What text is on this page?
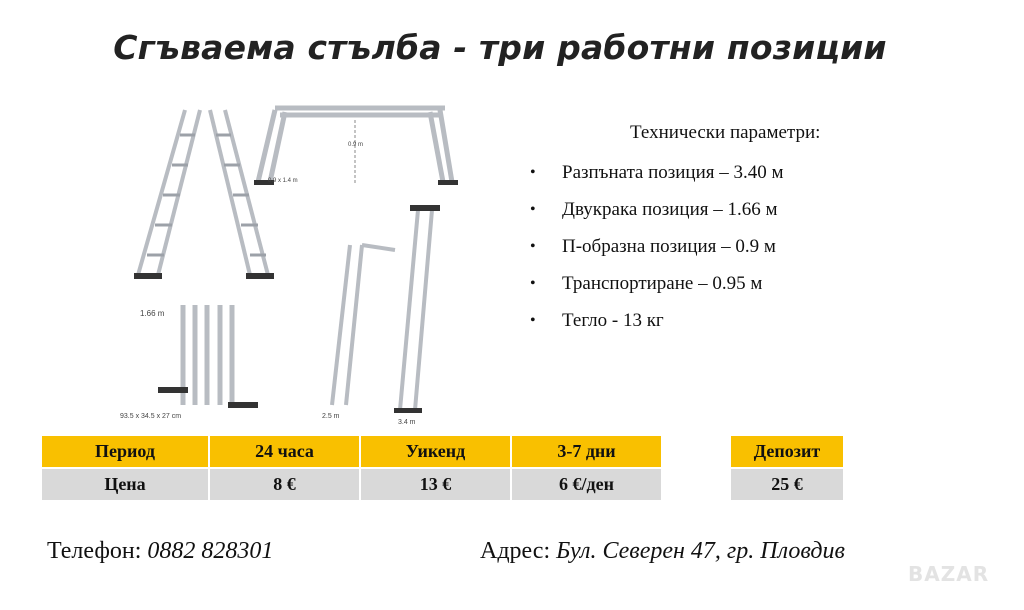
Сгъваема стълба - три работни позиции
1.66 m
0.9 m
0.9 x 1.4 m
93.5 x 34.5 x 27 cm	2.5 m
3.4 m
Технически параметри:
•	Разпънатa позиция – 3.40 м
•	Двукрака позиция – 1.66 м
•	П-образна позиция – 0.9 м
•	Транспортиране – 0.95 м
•	Тегло - 13 кг
Период	24 часа	Уикенд	3-7 дни
Цена	8 €	13 €	6 €/ден
Депозит
25 €
Телефон: 0882 828301	Адрес: Бул. Северен 47, гр. Пловдив
BAZAR
